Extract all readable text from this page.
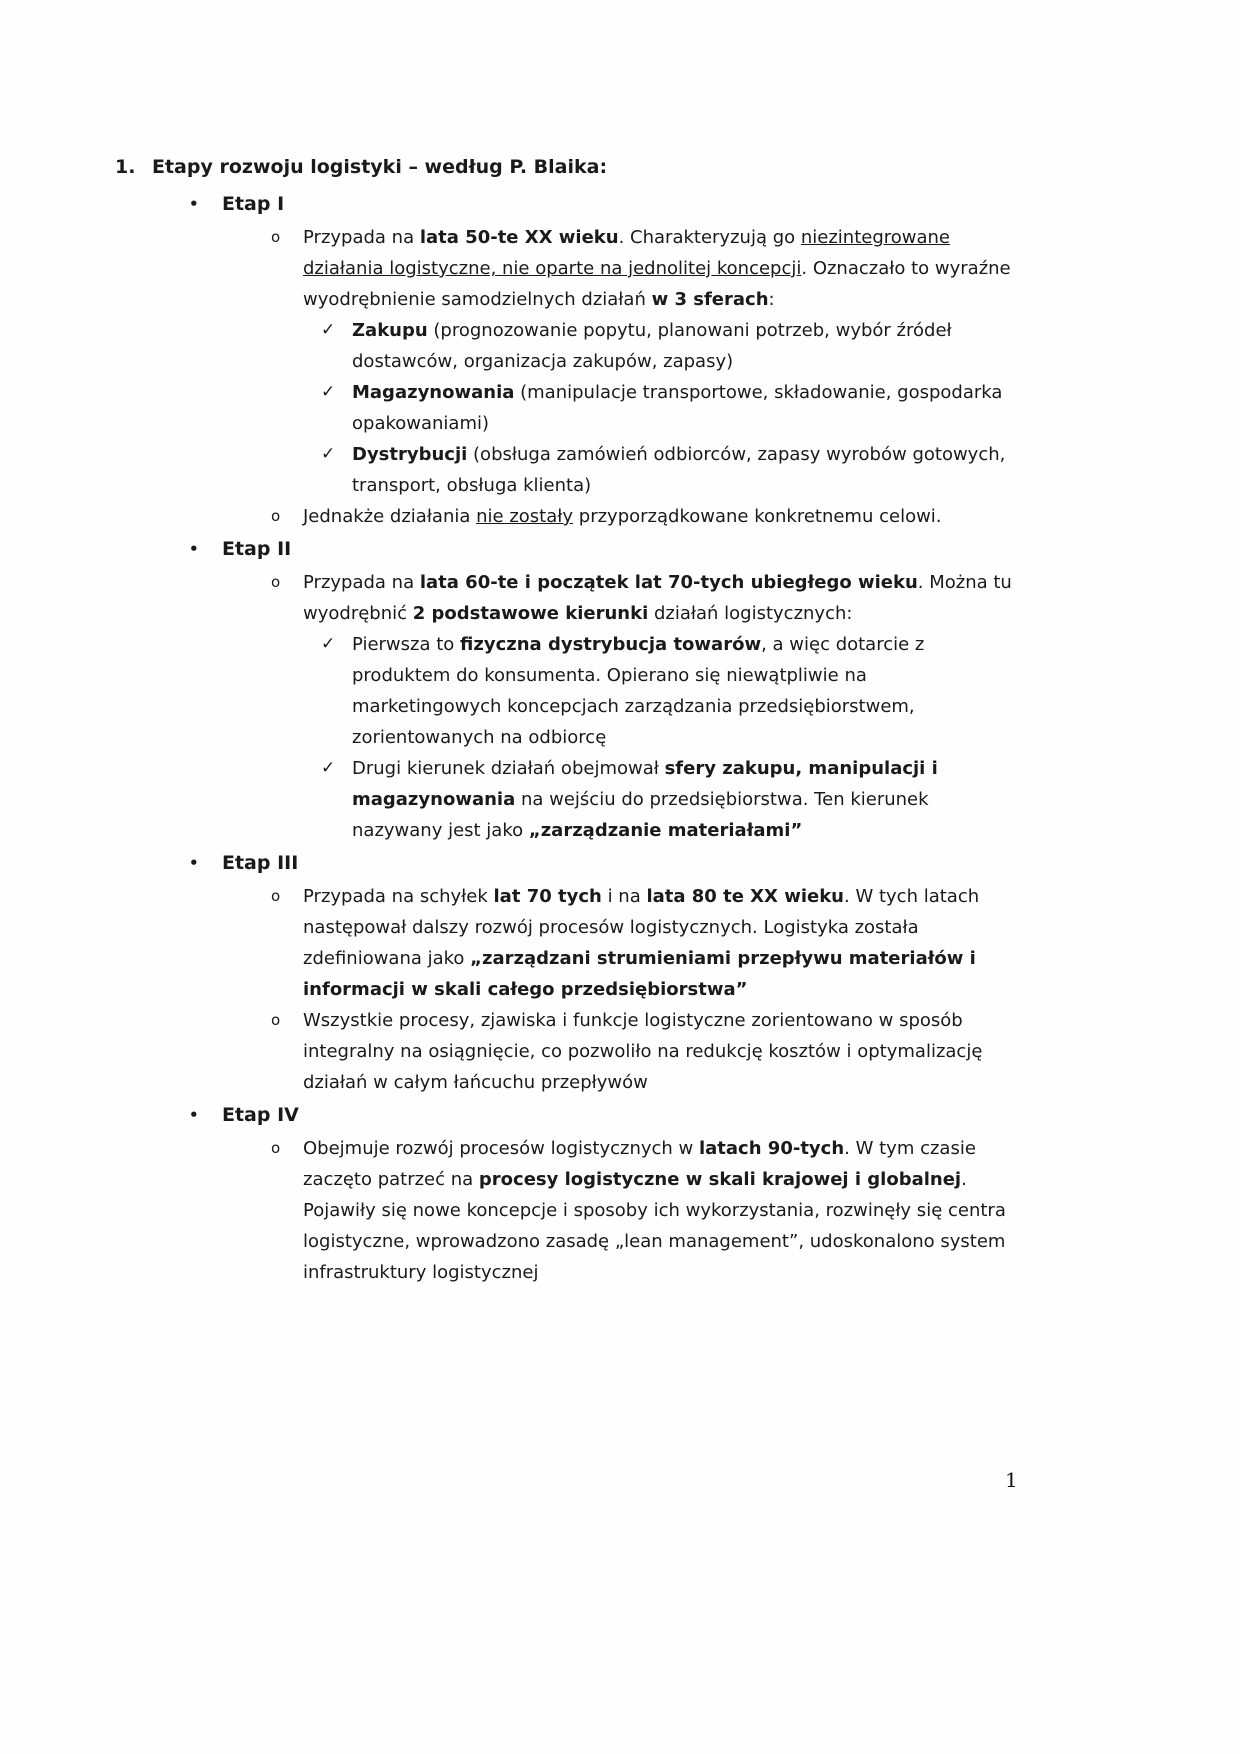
1. Etapy rozwoju logistyki – według P. Blaika:
• Etap I
o Przypada na lata 50-te XX wieku. Charakteryzują go niezintegrowane działania logistyczne, nie oparte na jednolitej koncepcji. Oznaczało to wyraźne wyodrębnienie samodzielnych działań w 3 sferach:
✓ Zakupu (prognozowanie popytu, planowani potrzeb, wybór źródeł dostawców, organizacja zakupów, zapasy)
✓ Magazynowania (manipulacje transportowe, składowanie, gospodarka opakowaniami)
✓ Dystrybucji (obsługa zamówień odbiorców, zapasy wyrobów gotowych, transport, obsługa klienta)
o Jednakże działania nie zostały przyporządkowane konkretnemu celowi.
• Etap II
o Przypada na lata 60-te i początek lat 70-tych ubiegłego wieku. Można tu wyodrębnić 2 podstawowe kierunki działań logistycznych:
✓ Pierwsza to fizyczna dystrybucja towarów, a więc dotarcie z produktem do konsumenta. Opierano się niewątpliwie na marketingowych koncepcjach zarządzania przedsiębiorstwem, zorientowanych na odbiorcę
✓ Drugi kierunek działań obejmował sfery zakupu, manipulacji i magazynowania na wejściu do przedsiębiorstwa. Ten kierunek nazywany jest jako „zarządzanie materiałami”
• Etap III
o Przypada na schyłek lat 70 tych i na lata 80 te XX wieku. W tych latach następował dalszy rozwój procesów logistycznych. Logistyka została zdefiniowana jako „zarządzani strumieniami przepływu materiałów i informacji w skali całego przedsiębiorstwa”
o Wszystkie procesy, zjawiska i funkcje logistyczne zorientowano w sposób integralny na osiągnięcie, co pozwoliło na redukcję kosztów i optymalizację działań w całym łańcuchu przepływów
• Etap IV
o Obejmuje rozwój procesów logistycznych w latach 90-tych. W tym czasie zaczęto patrzeć na procesy logistyczne w skali krajowej i globalnej. Pojawiły się nowe koncepcje i sposoby ich wykorzystania, rozwinęły się centra logistyczne, wprowadzono zasadę „lean management”, udoskonalono system infrastruktury logistycznej
1
